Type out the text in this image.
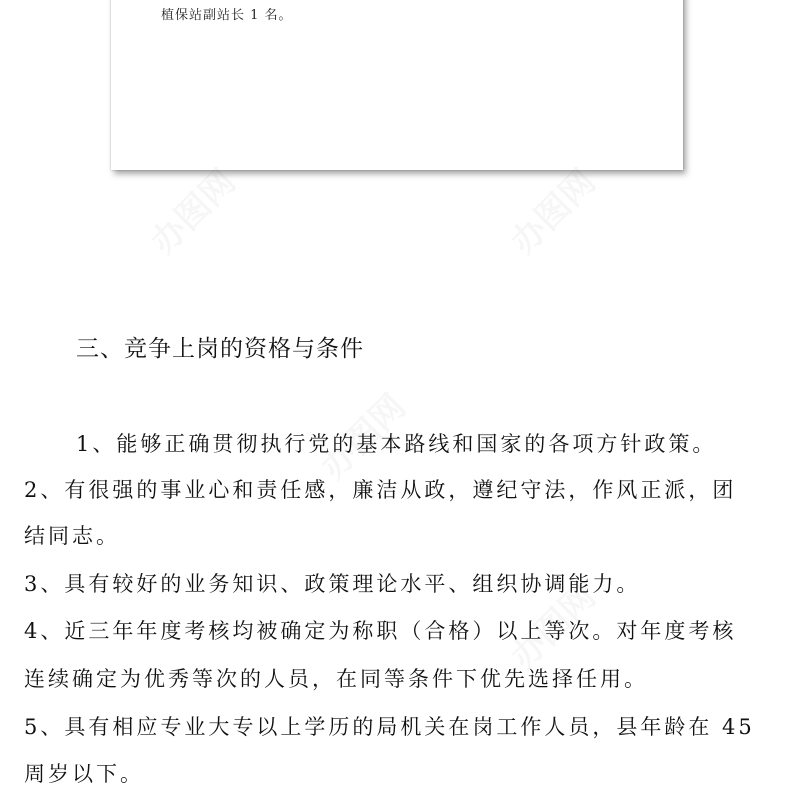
植保站副站长 1 名。
三、竞争上岗的资格与条件
1、能够正确贯彻执行党的基本路线和国家的各项方针政策。
2、有很强的事业心和责任感，廉洁从政，遵纪守法，作风正派，团
结同志。
3、具有较好的业务知识、政策理论水平、组织协调能力。
4、近三年年度考核均被确定为称职（合格）以上等次。对年度考核
连续确定为优秀等次的人员，在同等条件下优先选择任用。
5、具有相应专业大专以上学历的局机关在岗工作人员，县年龄在 45
周岁以下。
